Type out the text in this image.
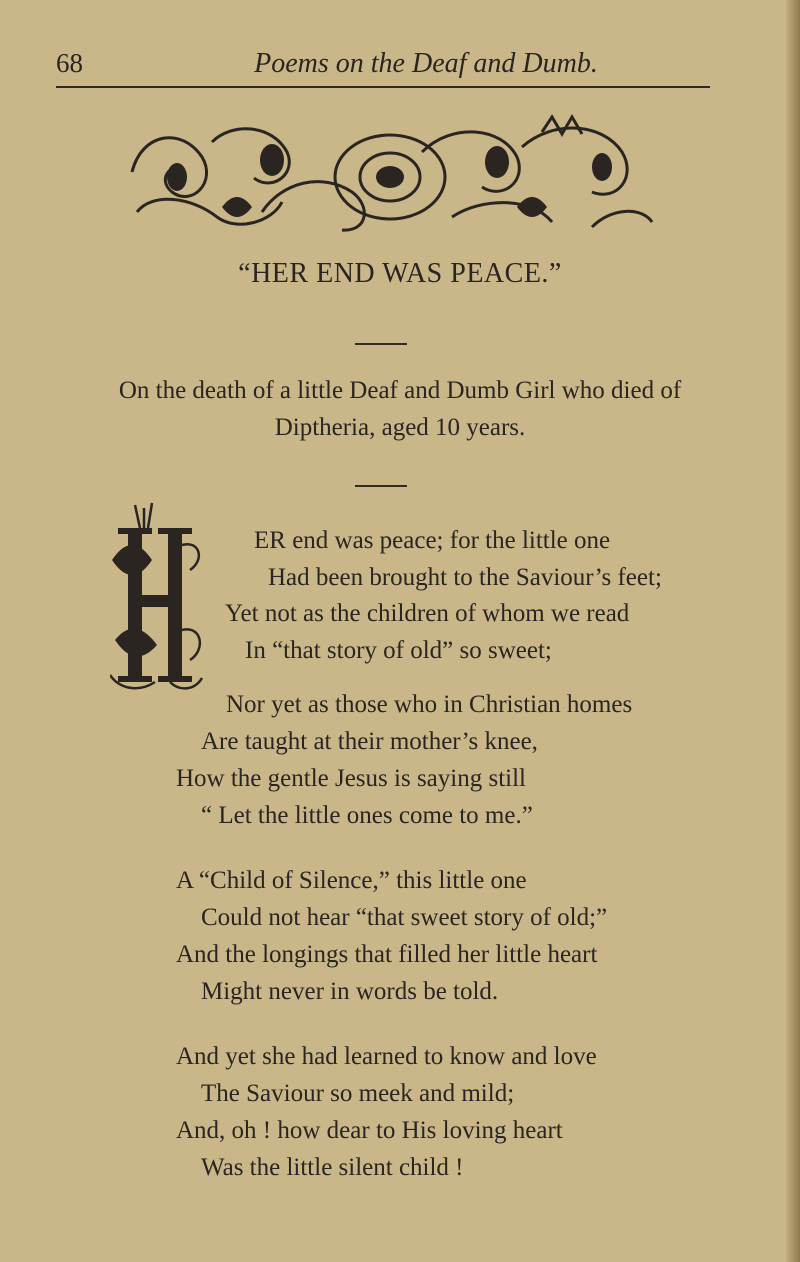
68	Poems on the Deaf and Dumb.
“HER END WAS PEACE.”
On the death of a little Deaf and Dumb Girl who died of
Diptheria, aged 10 years.
ER end was peace; for the little one
Had been brought to the Saviour’s feet;
Yet not as the children of whom we read
In “that story of old” so sweet;
Nor yet as those who in Christian homes
Are taught at their mother’s knee,
How the gentle Jesus is saying still
“ Let the little ones come to me.”
A “Child of Silence,” this little one
Could not hear “that sweet story of old;”
And the longings that filled her little heart
Might never in words be told.
And yet she had learned to know and love
The Saviour so meek and mild;
And, oh ! how dear to His loving heart
Was the little silent child !
